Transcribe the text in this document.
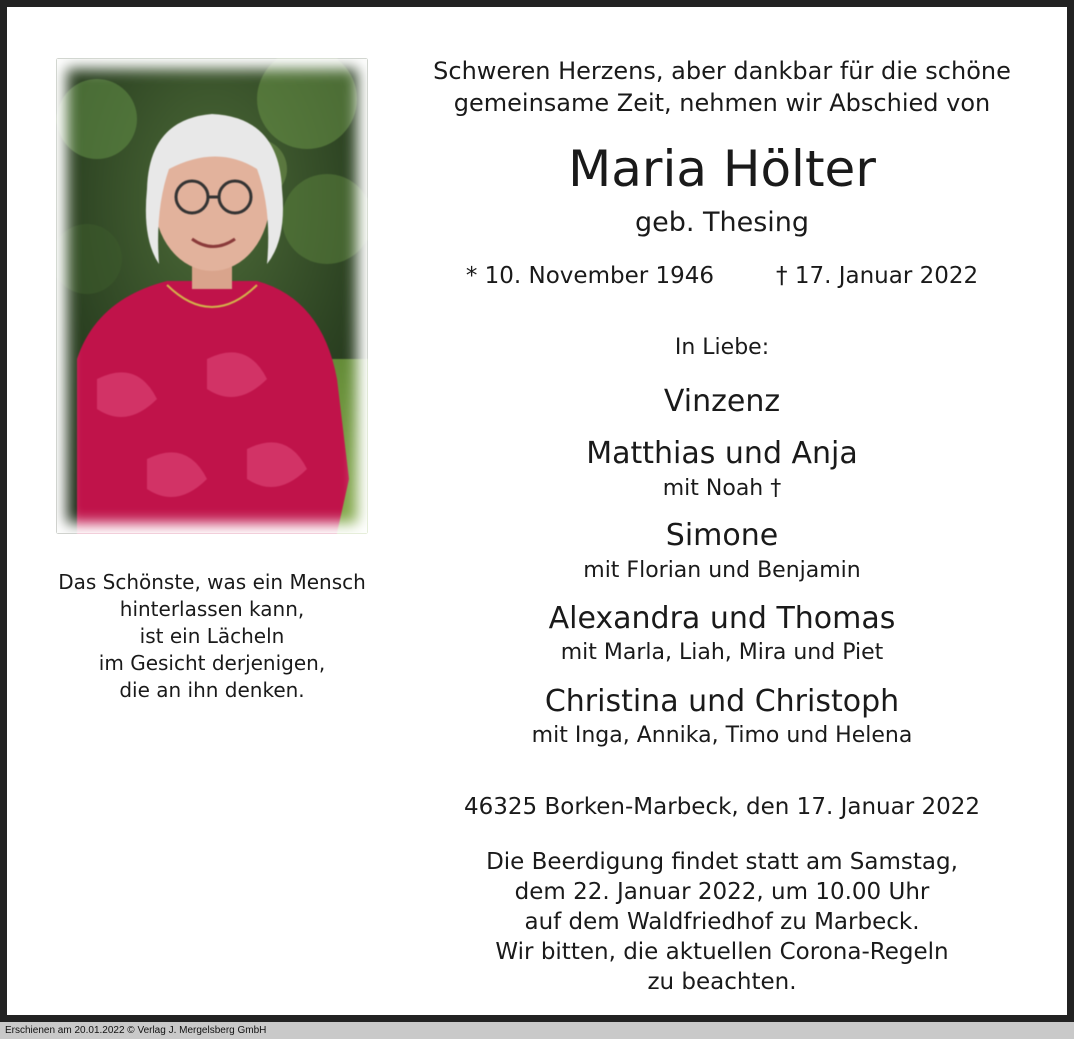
Das Schönste, was ein Mensch
hinterlassen kann,
ist ein Lächeln
im Gesicht derjenigen,
die an ihn denken.
Schweren Herzens, aber dankbar für die schöne
gemeinsame Zeit, nehmen wir Abschied von
Maria Hölter
geb. Thesing
* 10. November 1946	† 17. Januar 2022
In Liebe:
Vinzenz
Matthias und Anja
mit Noah †
Simone
mit Florian und Benjamin
Alexandra und Thomas
mit Marla, Liah, Mira und Piet
Christina und Christoph
mit Inga, Annika, Timo und Helena
46325 Borken-Marbeck, den 17. Januar 2022
Die Beerdigung findet statt am Samstag,
dem 22. Januar 2022, um 10.00 Uhr
auf dem Waldfriedhof zu Marbeck.
Wir bitten, die aktuellen Corona-Regeln
zu beachten.
Erschienen am 20.01.2022 © Verlag J. Mergelsberg GmbH
